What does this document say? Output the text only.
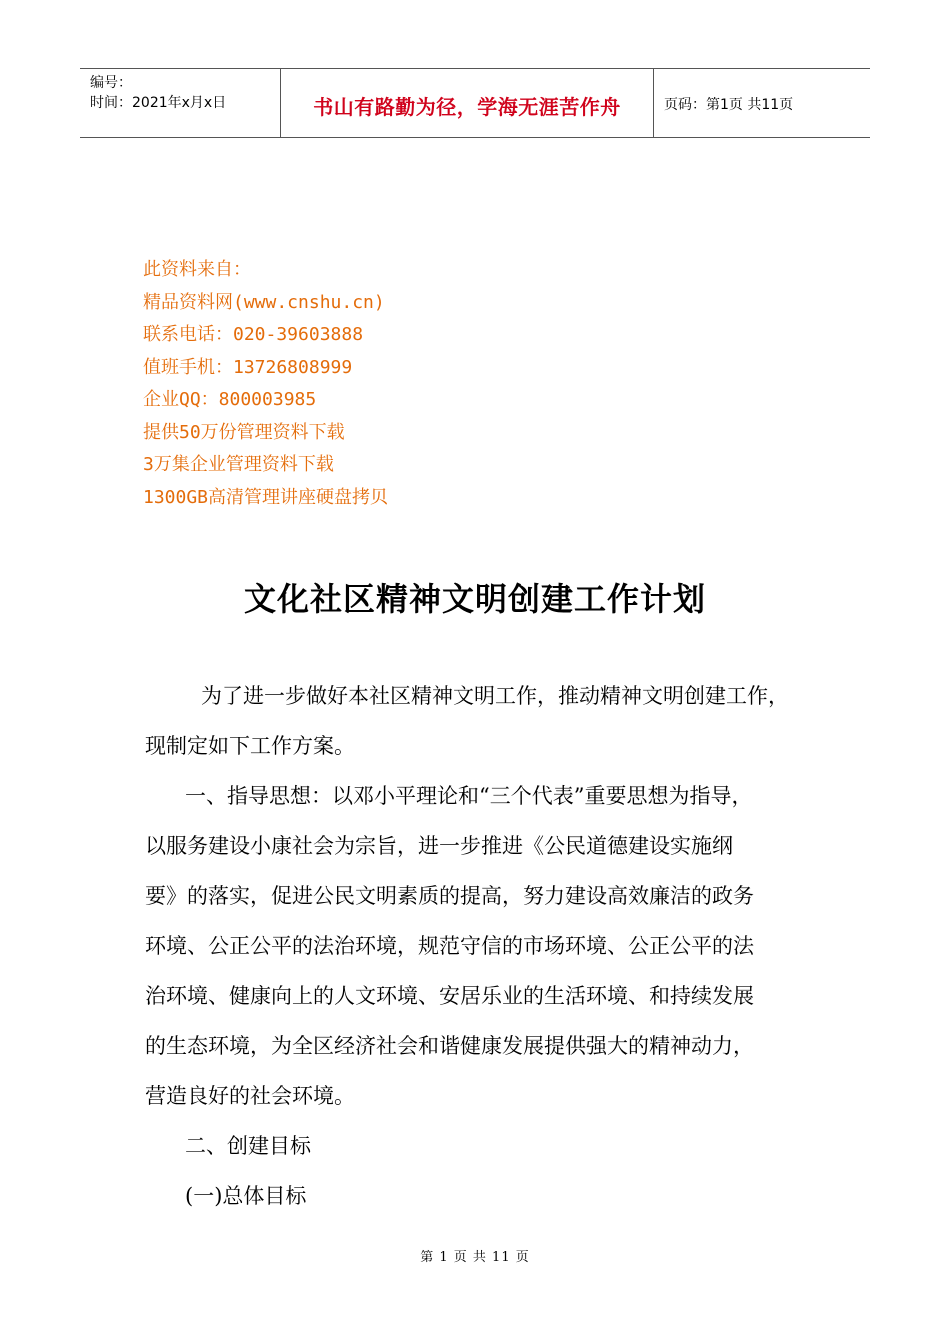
编号：
时间：2021年x月x日	书山有路勤为径，学海无涯苦作舟	页码：第1页 共11页
此资料来自：
精品资料网(www.cnshu.cn)
联系电话：020-39603888
值班手机：13726808999
企业QQ：800003985
提供50万份管理资料下载
3万集企业管理资料下载
1300GB高清管理讲座硬盘拷贝
文化社区精神文明创建工作计划
为了进一步做好本社区精神文明工作，推动精神文明创建工作，
现制定如下工作方案。
一、指导思想：以邓小平理论和“三个代表”重要思想为指导，
以服务建设小康社会为宗旨，进一步推进《公民道德建设实施纲
要》的落实，促进公民文明素质的提高，努力建设高效廉洁的政务
环境、公正公平的法治环境，规范守信的市场环境、公正公平的法
治环境、健康向上的人文环境、安居乐业的生活环境、和持续发展
的生态环境，为全区经济社会和谐健康发展提供强大的精神动力，
营造良好的社会环境。
二、创建目标
(一)总体目标
第 1 页 共 11 页
